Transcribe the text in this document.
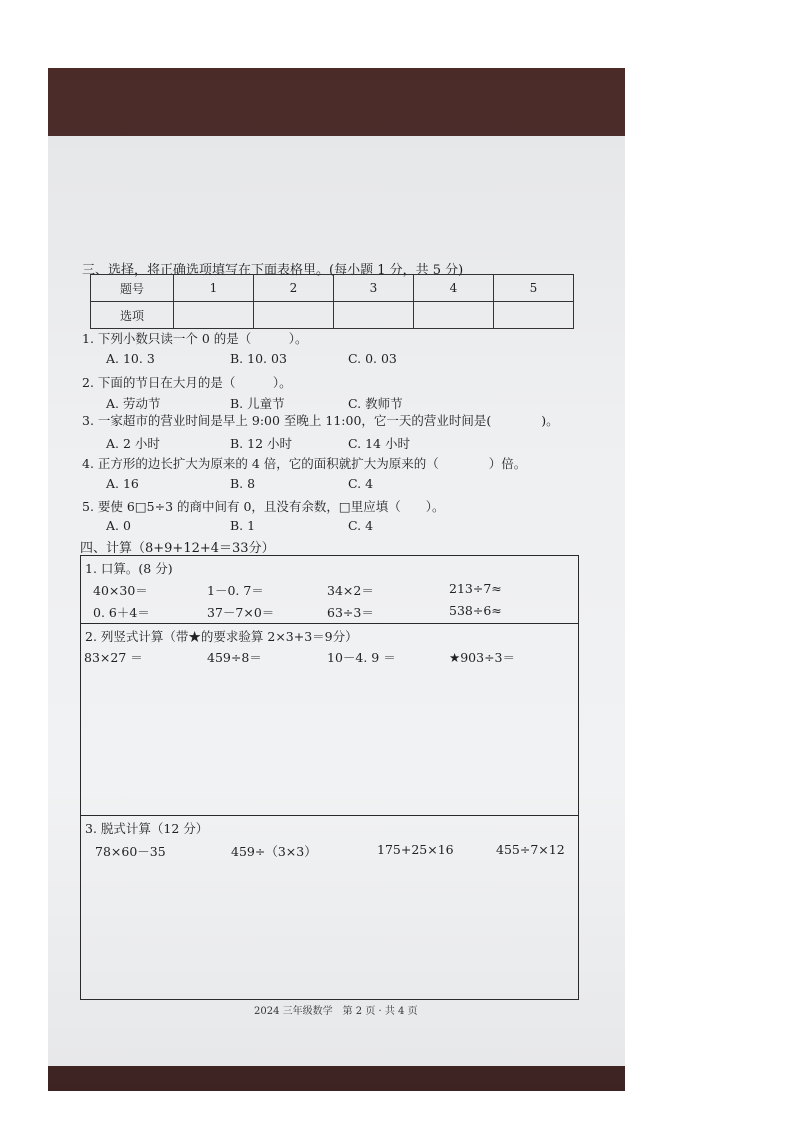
三、选择，将正确选项填写在下面表格里。(每小题 1 分，共 5 分)
题号	1	2	3	4	5
选项					
1. 下列小数只读一个 0 的是（　　　）。
A. 10. 3	B. 10. 03	C. 0. 03
2. 下面的节日在大月的是（　　　）。
A. 劳动节	B. 儿童节	C. 教师节
3. 一家超市的营业时间是早上 9:00 至晚上 11:00，它一天的营业时间是(　　　　)。
A. 2 小时	B. 12 小时	C. 14 小时
4. 正方形的边长扩大为原来的 4 倍，它的面积就扩大为原来的（　　　　）倍。
A. 16	B. 8	C. 4
5. 要使 6□5÷3 的商中间有 0，且没有余数，□里应填（　　）。
A. 0	B. 1	C. 4
四、计算（8+9+12+4＝33分）
1. 口算。(8 分)
40×30＝	1－0. 7＝	34×2＝	213÷7≈
0. 6＋4＝	37－7×0＝	63÷3＝	538÷6≈
2. 列竖式计算（带★的要求验算 2×3+3＝9分）
83×27 ＝	459÷8＝	10－4. 9 ＝	★903÷3＝
3. 脱式计算（12 分）
78×60－35	459÷（3×3）	175+25×16	455÷7×12
2024 三年级数学　第 2 页 · 共 4 页
